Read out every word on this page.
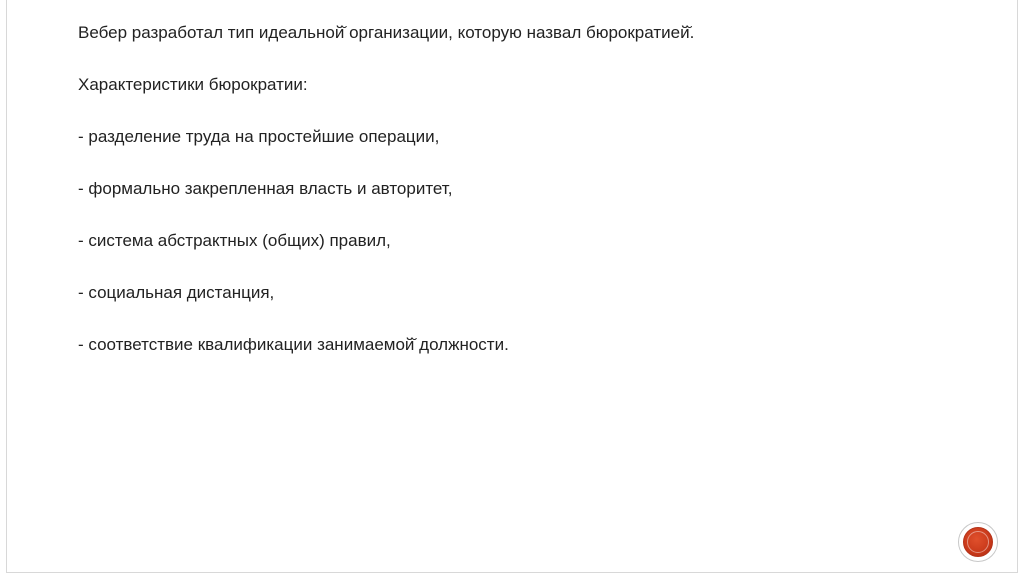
Вебер разработал тип идеальной̆ организации, которую назвал бюрократией̆.

Характеристики бюрократии:

- разделение труда на простейшие операции,

- формально закрепленная власть и авторитет,

- система абстрактных (общих) правил,

- социальная дистанция,

- соответствие квалификации занимаемой̆ должности.
